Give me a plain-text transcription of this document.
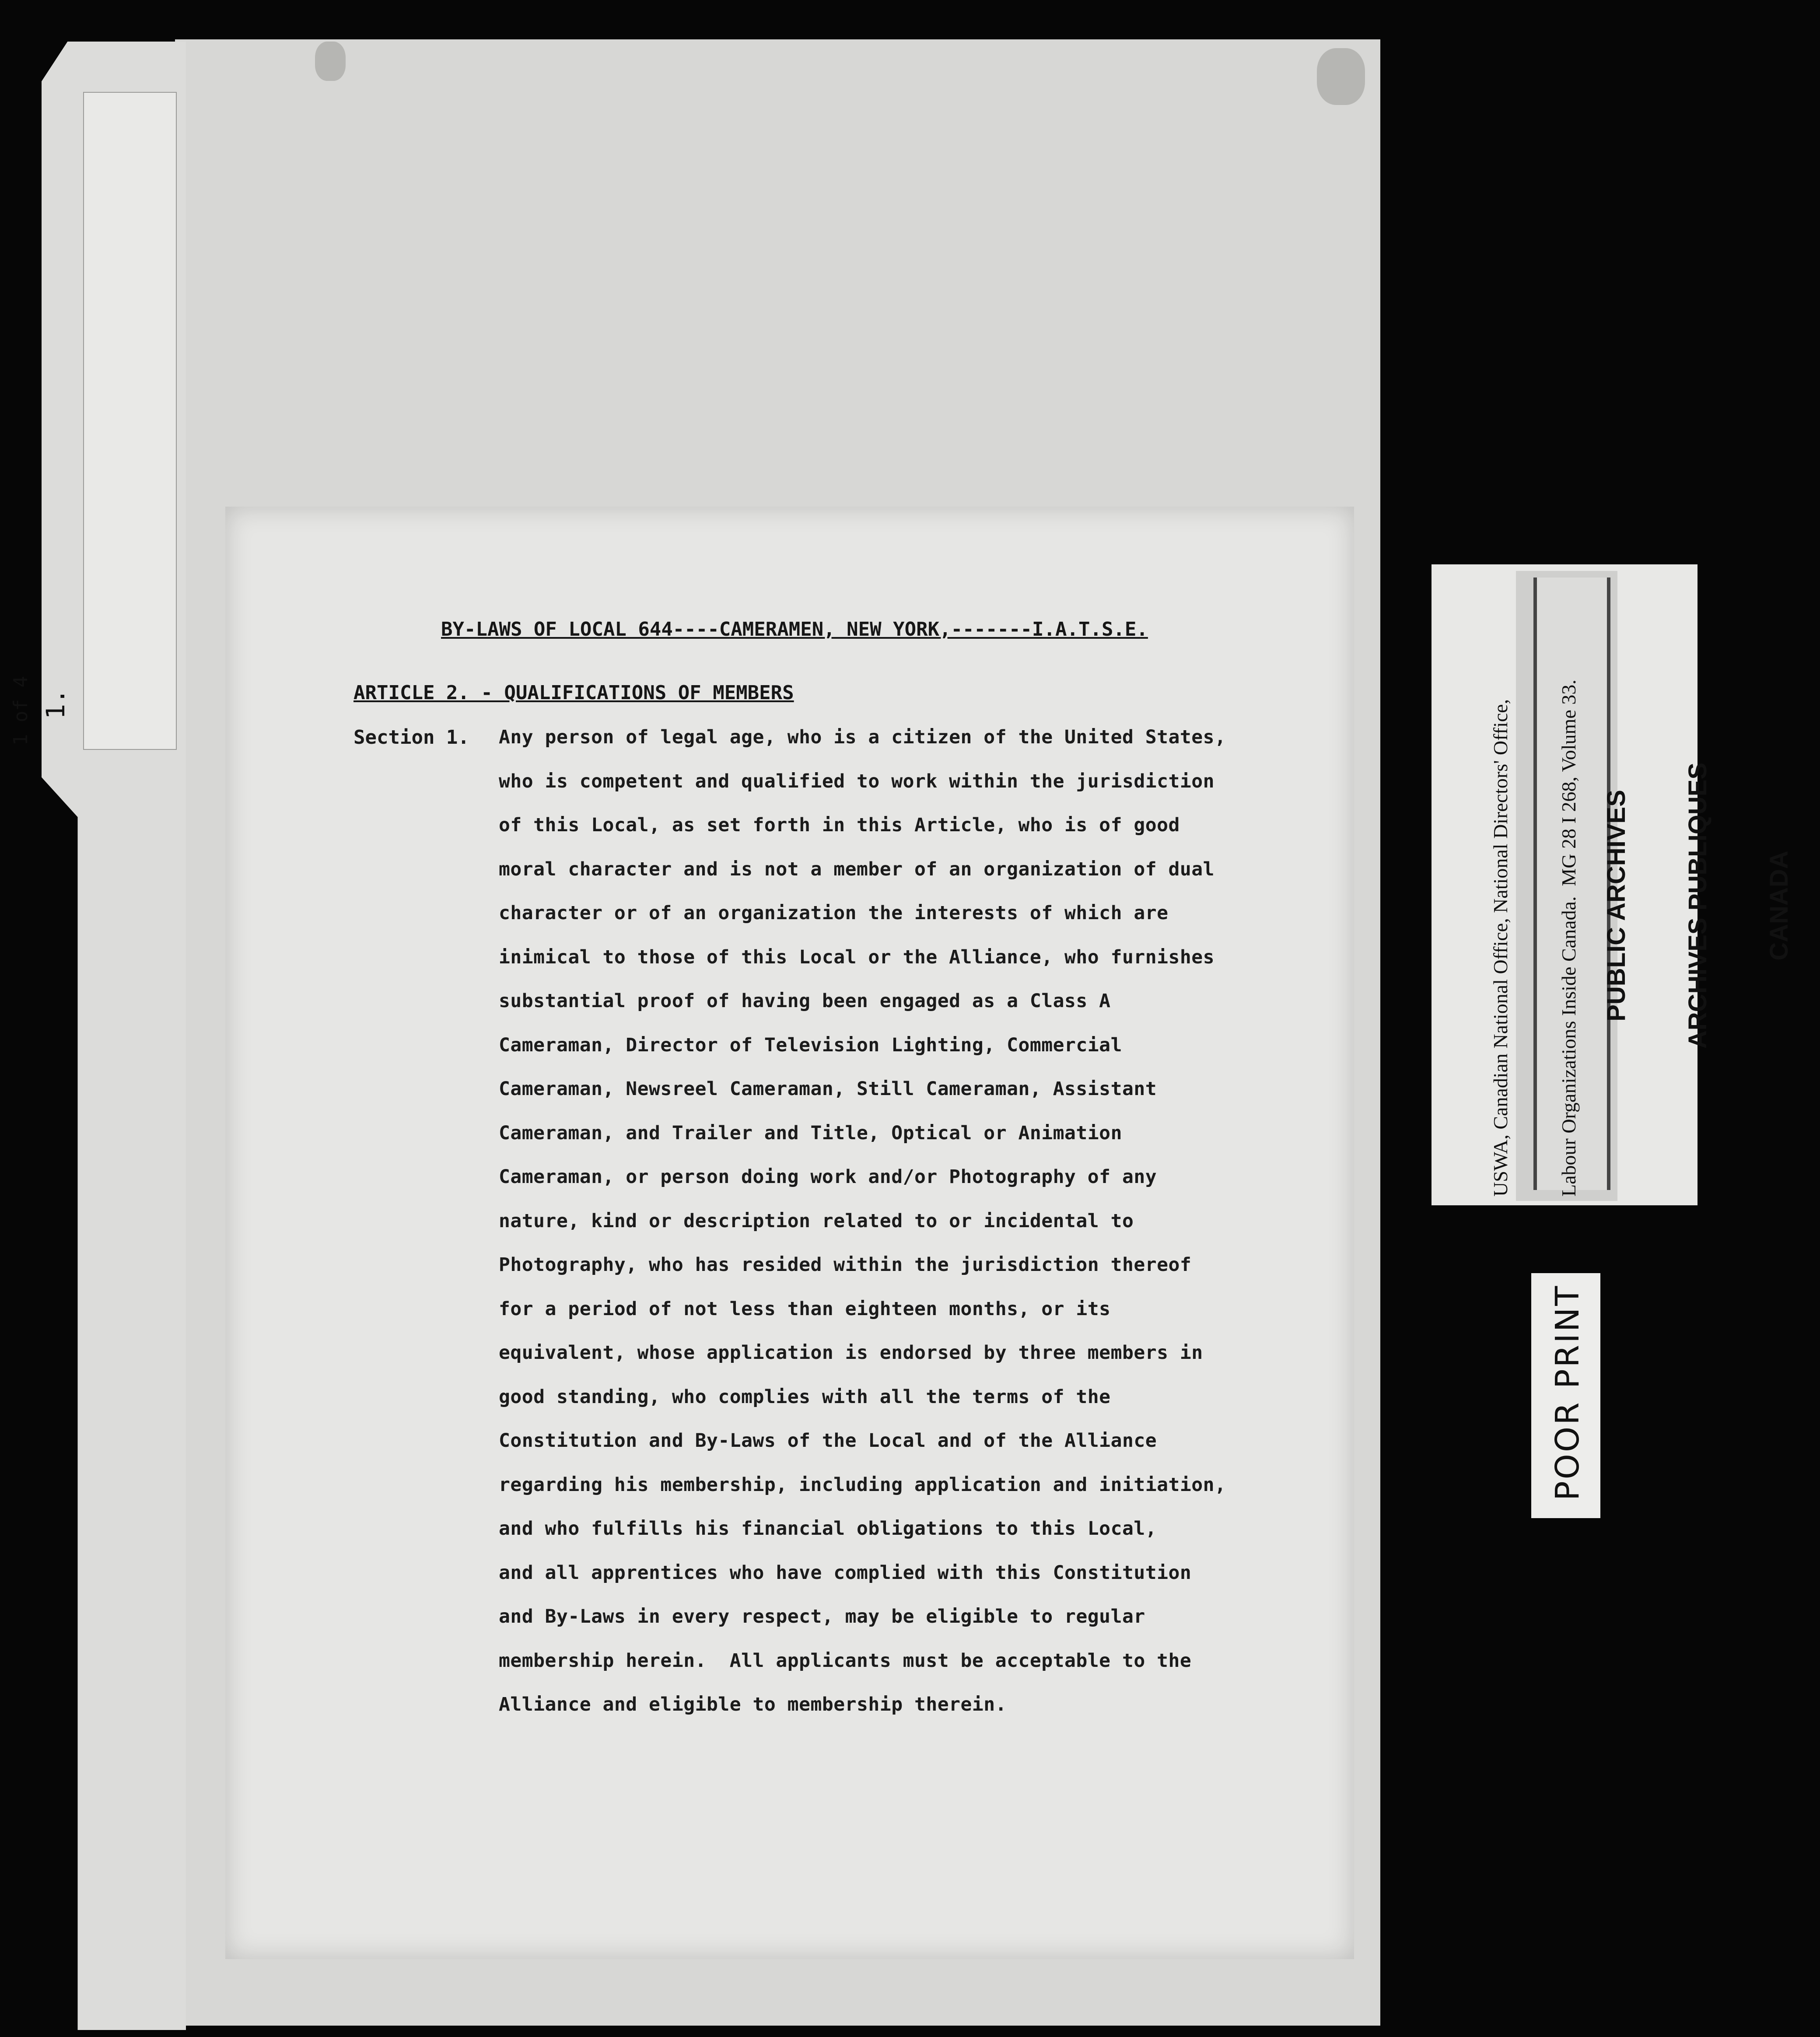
1 of 4

1.
BY-LAWS OF LOCAL 644----CAMERAMEN, NEW YORK,-------I.A.T.S.E.
ARTICLE 2. - QUALIFICATIONS OF MEMBERS
Section 1. Any person of legal age, who is a citizen of the United States,
who is competent and qualified to work within the jurisdiction
of this Local, as set forth in this Article, who is of good
moral character and is not a member of an organization of dual
character or of an organization the interests of which are
inimical to those of this Local or the Alliance, who furnishes
substantial proof of having been engaged as a Class A
Cameraman, Director of Television Lighting, Commercial
Cameraman, Newsreel Cameraman, Still Cameraman, Assistant
Cameraman, and Trailer and Title, Optical or Animation
Cameraman, or person doing work and/or Photography of any
nature, kind or description related to or incidental to
Photography, who has resided within the jurisdiction thereof
for a period of not less than eighteen months, or its
equivalent, whose application is endorsed by three members in
good standing, who complies with all the terms of the
Constitution and By-Laws of the Local and of the Alliance
regarding his membership, including application and initiation,
and who fulfills his financial obligations to this Local,
and all apprentices who have complied with this Constitution
and By-Laws in every respect, may be eligible to regular
membership herein.  All applicants must be acceptable to the
Alliance and eligible to membership therein.

USWA, Canadian National Office, National Directors' Office,

Labour Organizations Inside Canada.  MG 28 I 268, Volume 33.

PUBLIC ARCHIVES

ARCHIVES PUBLIQUES

CANADA

POOR PRINT
